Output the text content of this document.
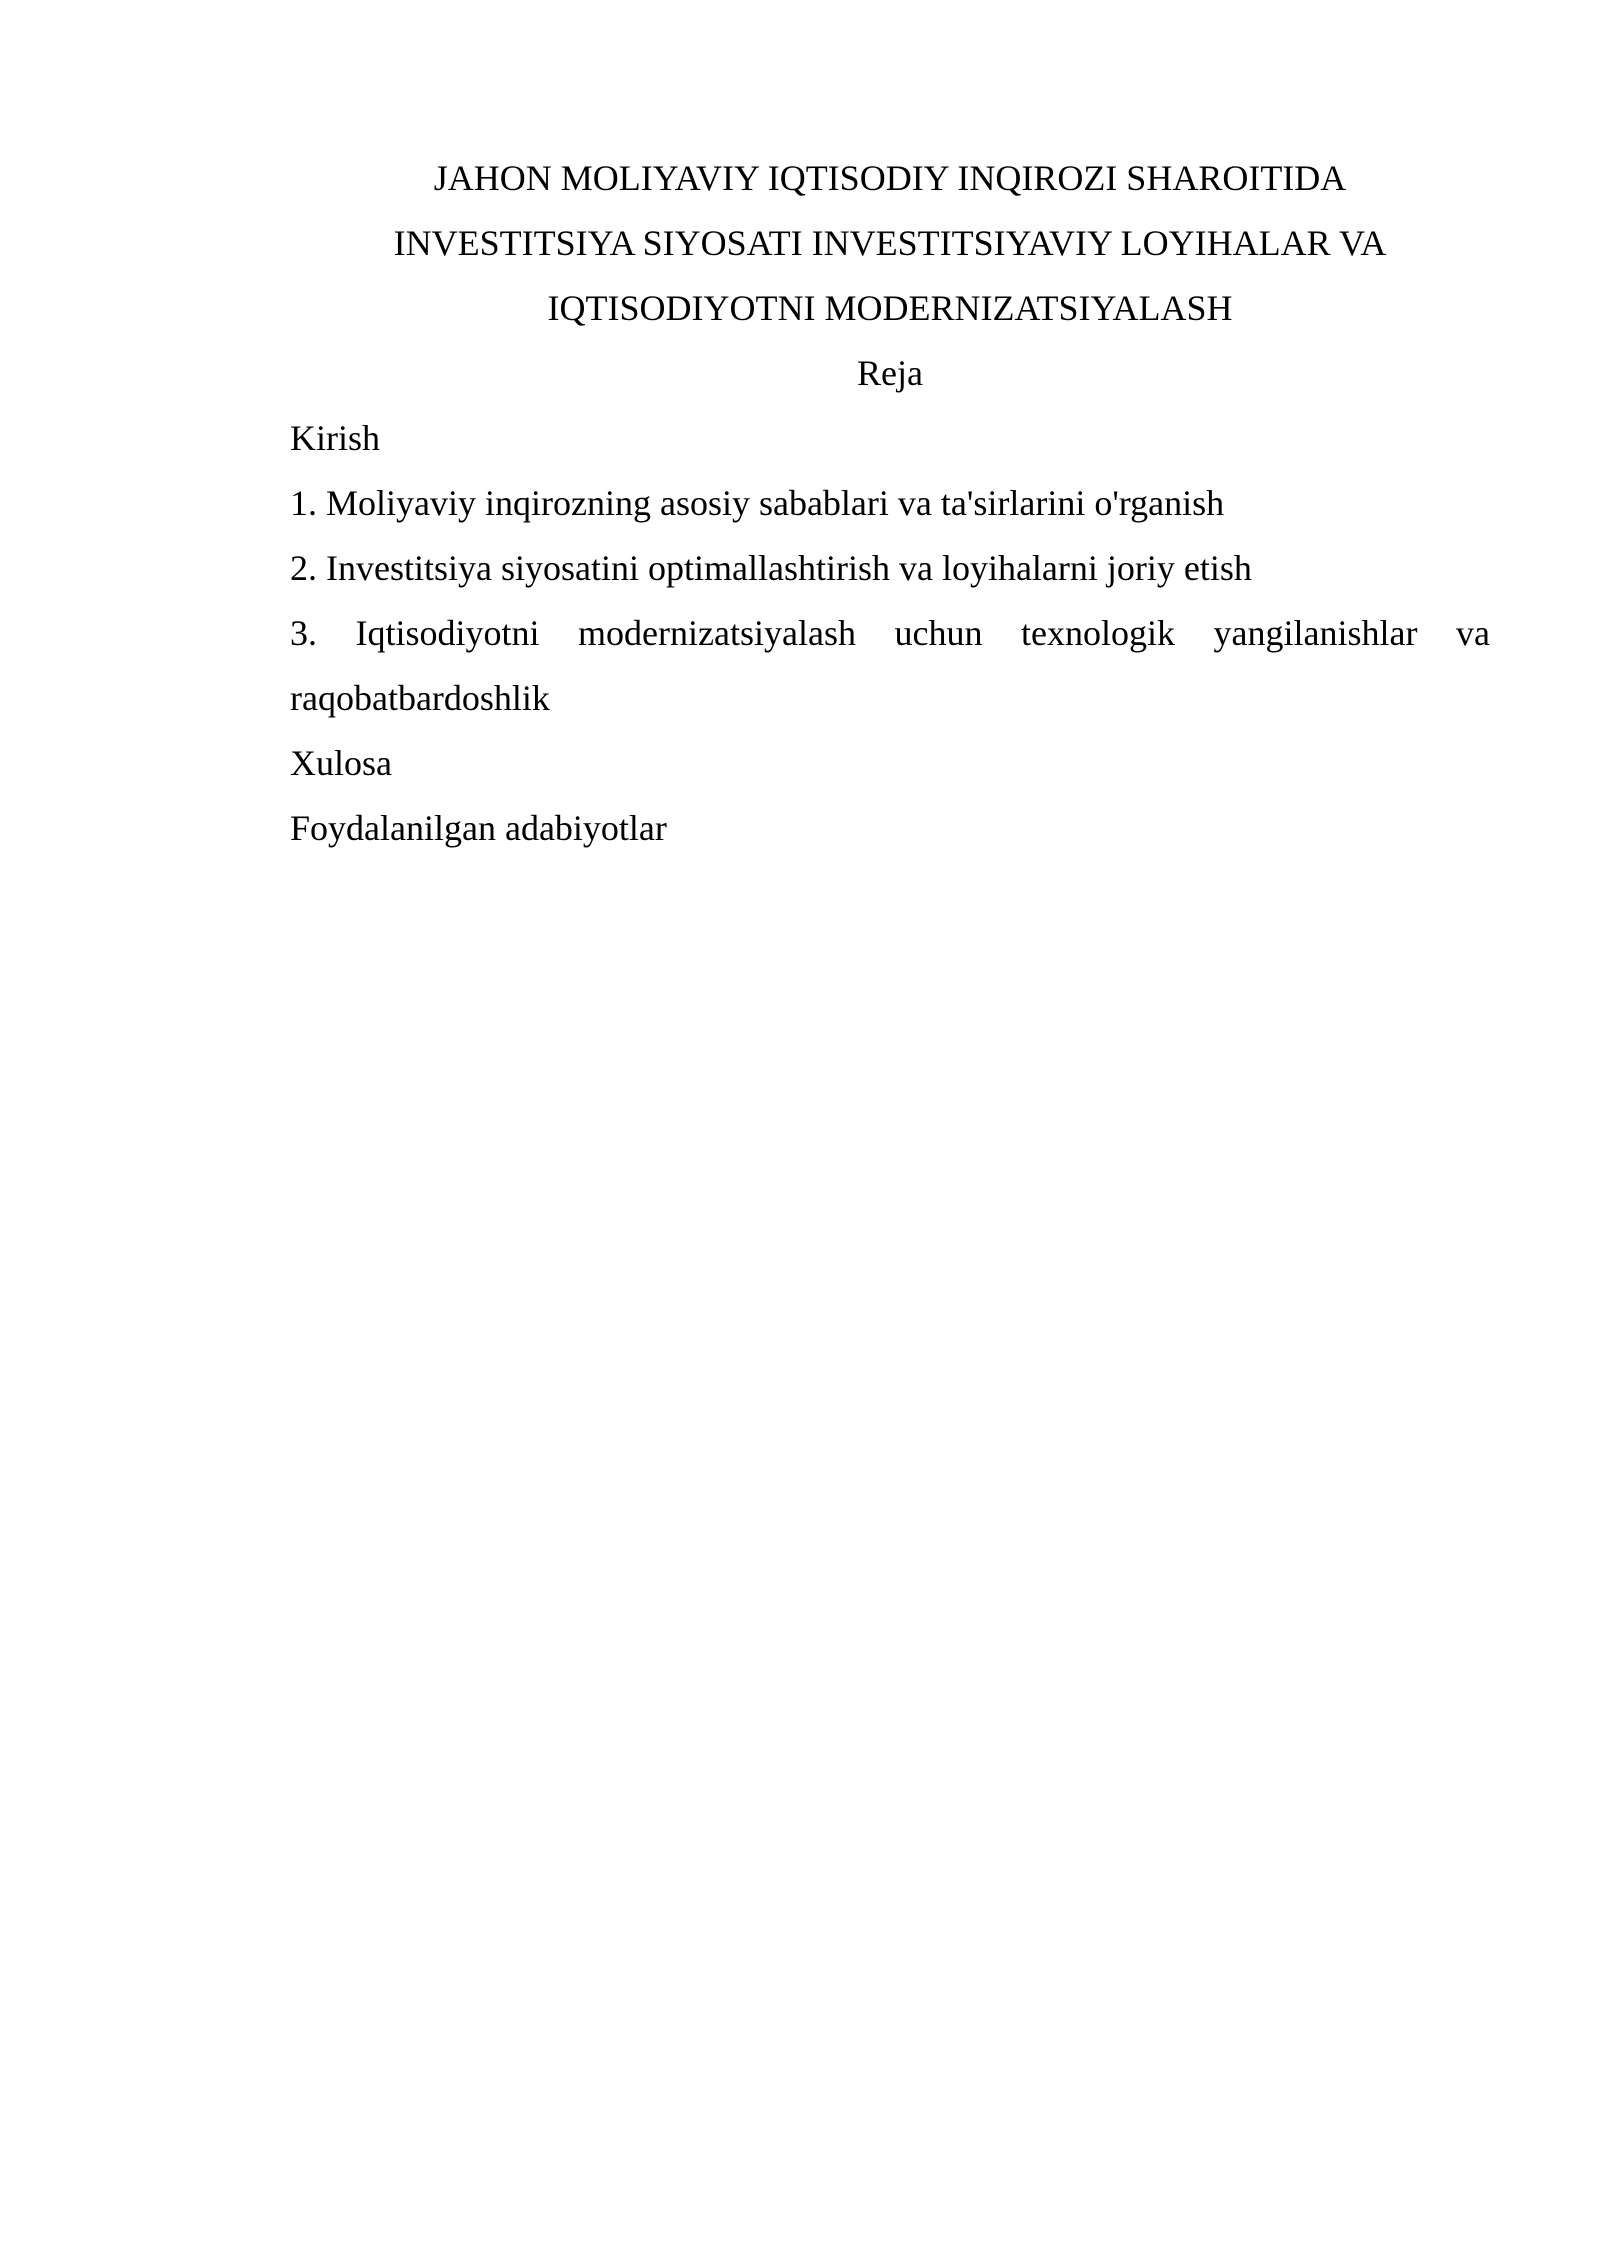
JAHON MOLIYAVIY IQTISODIY INQIROZI SHAROITIDA
INVESTITSIYA SIYOSATI INVESTITSIYAVIY LOYIHALAR VA
IQTISODIYOTNI MODERNIZATSIYALASH
Reja
Kirish
1. Moliyaviy inqirozning asosiy sabablari va ta'sirlarini o'rganish
2. Investitsiya siyosatini optimallashtirish va loyihalarni joriy etish
3. Iqtisodiyotni modernizatsiyalash uchun texnologik yangilanishlar va
raqobatbardoshlik
Xulosa
Foydalanilgan adabiyotlar
